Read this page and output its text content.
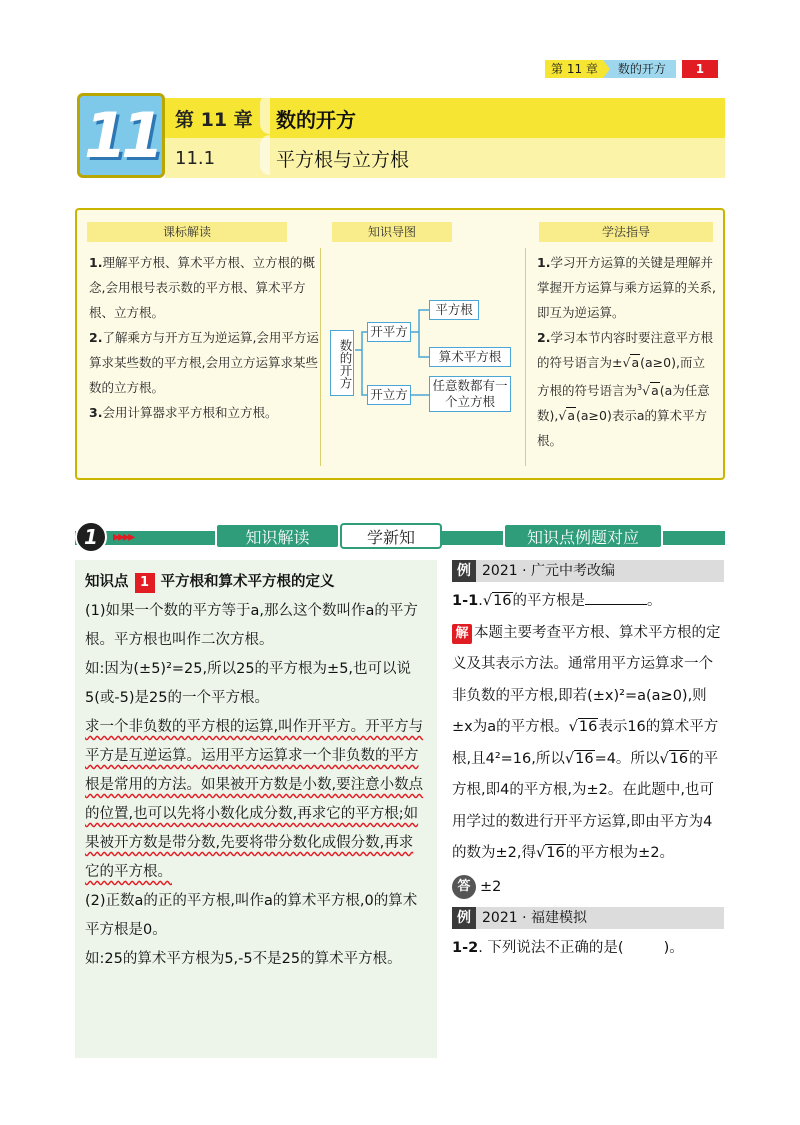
第 11 章	数的开方	1
11 第 11 章	数的开方
11.1	平方根与立方根
课标解读	知识导图	学法指导
1.理解平方根、算术平方根、立方根的概念,会用根号表示数的平方根、算术平方根、立方根。
2.了解乘方与开方互为逆运算,会用平方运算求某些数的平方根,会用立方运算求某些数的立方根。
3.会用计算器求平方根和立方根。
数的开方
开平方
开立方
平方根
算术平方根
任意数都有一个立方根
1.学习开方运算的关键是理解并掌握开方运算与乘方运算的关系,即互为逆运算。
2.学习本节内容时要注意平方根的符号语言为±√a(a≥0),而立方根的符号语言为$^3$√a(a为任意数),√a(a≥0)表示a的算术平方根。
1	▸▸▸▸	知识解读	学新知	知识点例题对应
知识点 1 平方根和算术平方根的定义
(1)如果一个数的平方等于a,那么这个数叫作a的平方根。平方根也叫作二次方根。
如:因为(±5)²=25,所以25的平方根为±5,也可以说5(或-5)是25的一个平方根。
求一个非负数的平方根的运算,叫作开平方。开平方与平方是互逆运算。运用平方运算求一个非负数的平方根是常用的方法。如果被开方数是小数,要注意小数点的位置,也可以先将小数化成分数,再求它的平方根;如果被开方数是带分数,先要将带分数化成假分数,再求它的平方根。
(2)正数a的正的平方根,叫作a的算术平方根,0的算术平方根是0。
如:25的算术平方根为5,-5不是25的算术平方根。
例 2021 · 广元中考改编
1-1.√16的平方根是	。
解 本题主要考查平方根、算术平方根的定义及其表示方法。通常用平方运算求一个非负数的平方根,即若(±x)²=a(a≥0),则±x为a的平方根。√16表示16的算术平方根,且4²=16,所以√16=4。所以√16的平方根,即4的平方根,为±2。在此题中,也可用学过的数进行开平方运算,即由平方为4的数为±2,得√16的平方根为±2。
答 ±2
例 2021 · 福建模拟
1-2. 下列说法不正确的是(	)。
